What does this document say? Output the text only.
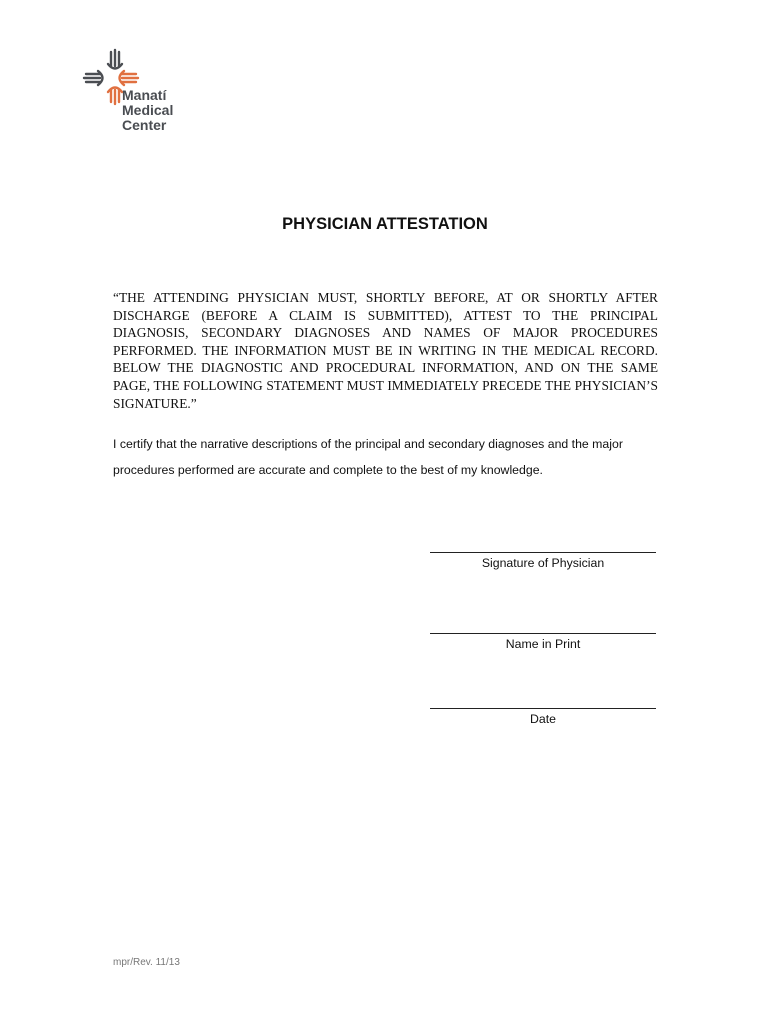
Manatí
Medical
Center
PHYSICIAN ATTESTATION

“THE ATTENDING PHYSICIAN MUST, SHORTLY BEFORE, AT OR SHORTLY AFTER DISCHARGE (BEFORE A CLAIM IS SUBMITTED), ATTEST TO THE PRINCIPAL DIAGNOSIS, SECONDARY DIAGNOSES AND NAMES OF MAJOR PROCEDURES PERFORMED. THE INFORMATION MUST BE IN WRITING IN THE MEDICAL RECORD. BELOW THE DIAGNOSTIC AND PROCEDURAL INFORMATION, AND ON THE SAME PAGE, THE FOLLOWING STATEMENT MUST IMMEDIATELY PRECEDE THE PHYSICIAN’S SIGNATURE.”

I certify that the narrative descriptions of the principal and secondary diagnoses and the major procedures performed are accurate and complete to the best of my knowledge.

Signature of Physician
Name in Print
Date
mpr/Rev. 11/13
